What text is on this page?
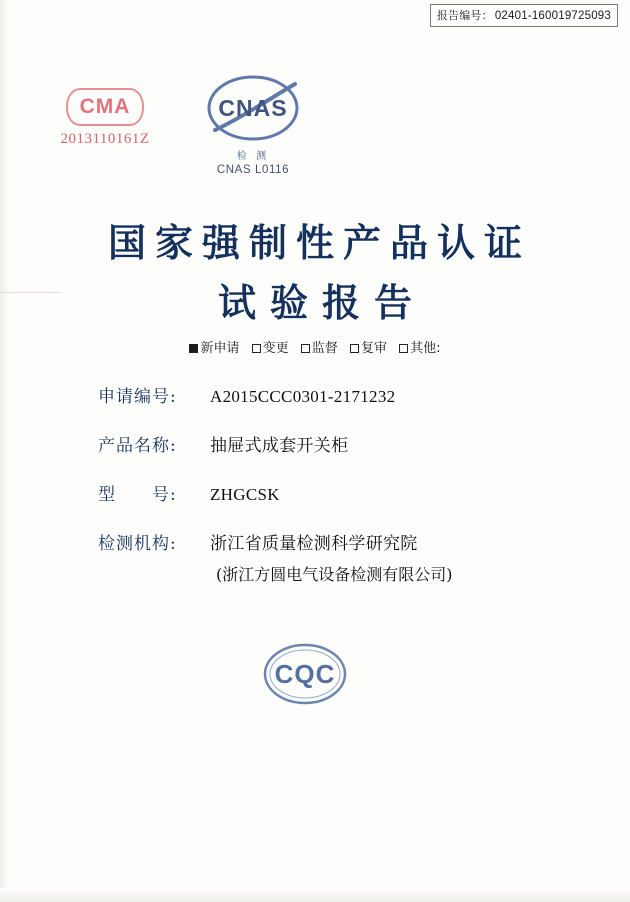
报告编号： 02401-160019725093
CMA
2013110161Z
CNAS
检 测
CNAS L0116
国家强制性产品认证
试验报告
新申请 变更 监督 复审 其他:
申请编号:	A2015CCC0301-2171232
产品名称:	抽屉式成套开关柜
型　　号:	ZHGCSK
检测机构:	浙江省质量检测科学研究院
(浙江方圆电气设备检测有限公司)
CQC
